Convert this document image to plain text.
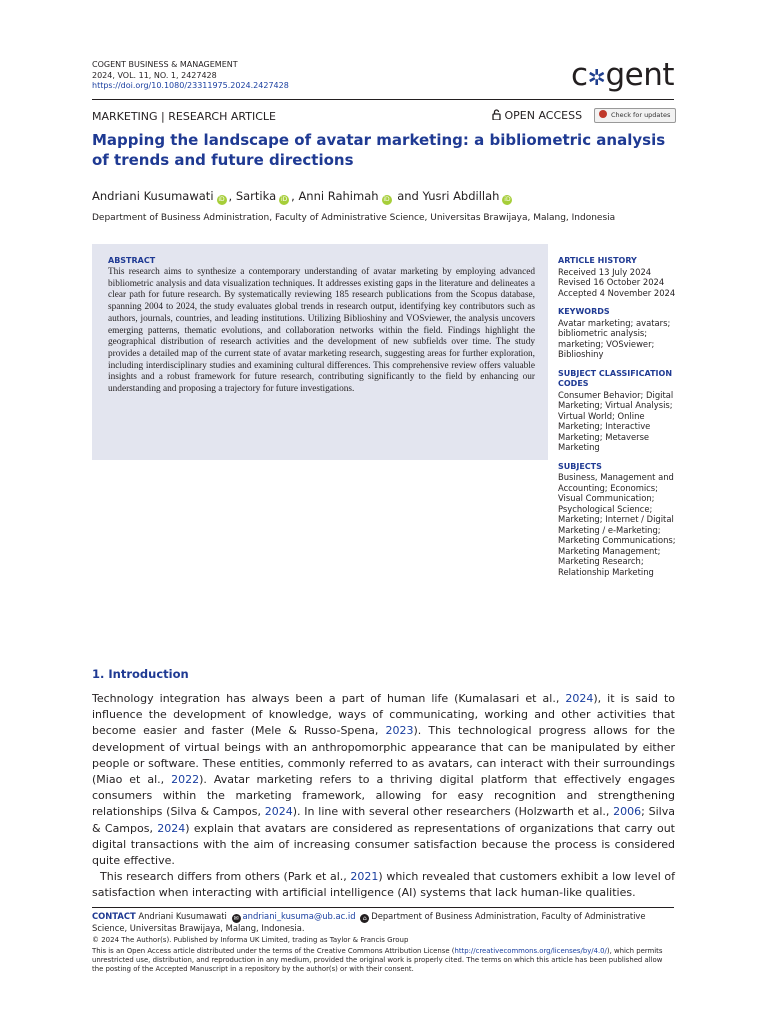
COGENT BUSINESS & MANAGEMENT
2024, VOL. 11, NO. 1, 2427428
https://doi.org/10.1080/23311975.2024.2427428	c✲gent
MARKETING | RESEARCH ARTICLE	OPEN ACCESS	Check for updates
Mapping the landscape of avatar marketing: a bibliometric analysis of trends and future directions
Andriani Kusumawati iD , Sartika iD , Anni Rahimah iD and Yusri Abdillah iD
Department of Business Administration, Faculty of Administrative Science, Universitas Brawijaya, Malang, Indonesia
ABSTRACT
This research aims to synthesize a contemporary understanding of avatar marketing by employing advanced bibliometric analysis and data visualization techniques. It addresses existing gaps in the literature and delineates a clear path for future research. By systematically reviewing 185 research publications from the Scopus database, spanning 2004 to 2024, the study evaluates global trends in research output, identifying key contributors such as authors, journals, countries, and leading institutions. Utilizing Biblioshiny and VOSviewer, the analysis uncovers emerging patterns, thematic evolutions, and collaboration networks within the field. Findings highlight the geographical distribution of research activities and the development of new subfields over time. The study provides a detailed map of the current state of avatar marketing research, suggesting areas for further exploration, including interdisciplinary studies and examining cultural differences. This comprehensive review offers valuable insights and a robust framework for future research, contributing significantly to the field by enhancing our understanding and proposing a trajectory for future investigations.
ARTICLE HISTORY
Received 13 July 2024
Revised 16 October 2024
Accepted 4 November 2024
KEYWORDS
Avatar marketing; avatars; bibliometric analysis; marketing; VOSviewer; Biblioshiny
SUBJECT CLASSIFICATION CODES
Consumer Behavior; Digital Marketing; Virtual Analysis; Virtual World; Online Marketing; Interactive Marketing; Metaverse Marketing
SUBJECTS
Business, Management and Accounting; Economics; Visual Communication; Psychological Science; Marketing; Internet / Digital Marketing / e-Marketing; Marketing Communications; Marketing Management; Marketing Research; Relationship Marketing
1. Introduction

Technology integration has always been a part of human life (Kumalasari et al., 2024), it is said to influence the development of knowledge, ways of communicating, working and other activities that become easier and faster (Mele & Russo-Spena, 2023). This technological progress allows for the development of virtual beings with an anthropomorphic appearance that can be manipulated by either people or software. These entities, commonly referred to as avatars, can interact with their surroundings (Miao et al., 2022). Avatar marketing refers to a thriving digital platform that effectively engages consumers within the marketing framework, allowing for easy recognition and strengthening relationships (Silva & Campos, 2024). In line with several other researchers (Holzwarth et al., 2006; Silva & Campos, 2024) explain that avatars are considered as representations of organizations that carry out digital transactions with the aim of increasing consumer satisfaction because the process is considered quite effective.

This research differs from others (Park et al., 2021) which revealed that customers exhibit a low level of satisfaction when interacting with artificial intelligence (AI) systems that lack human-like qualities.

CONTACT Andriani Kusumawati ✉ andriani_kusuma@ub.ac.id ⌂ Department of Business Administration, Faculty of Administrative Science, Universitas Brawijaya, Malang, Indonesia.
© 2024 The Author(s). Published by Informa UK Limited, trading as Taylor & Francis Group
This is an Open Access article distributed under the terms of the Creative Commons Attribution License (http://creativecommons.org/licenses/by/4.0/), which permits unrestricted use, distribution, and reproduction in any medium, provided the original work is properly cited. The terms on which this article has been published allow the posting of the Accepted Manuscript in a repository by the author(s) or with their consent.
